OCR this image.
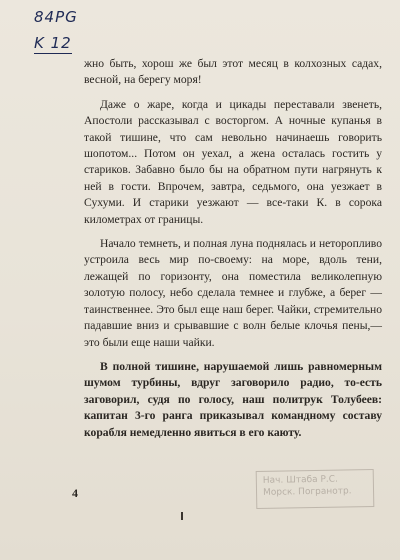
84PG
K 12

жно быть, хорош же был этот месяц в колхозных садах, весной, на берегу моря!

Даже о жаре, когда и цикады переставали звенеть, Апостоли рассказывал с восторгом. А ночные купанья в такой тишине, что сам невольно начинаешь говорить шопотом... Потом он уехал, а жена осталась гостить у стариков. Забавно было бы на обратном пути нагрянуть к ней в гости. Впрочем, завтра, седьмого, она уезжает в Сухуми. И старики уезжают — все-таки К. в сорока километрах от границы.

Начало темнеть, и полная луна поднялась и неторопливо устроила весь мир по-своему: на море, вдоль тени, лежащей по горизонту, она поместила великолепную золотую полосу, небо сделала темнее и глубже, а берег — таинственнее. Это был еще наш берег. Чайки, стремительно падавшие вниз и срывавшие с волн белые клочья пены,— это были еще наши чайки.

В полной тишине, нарушаемой лишь равномерным шумом турбины, вдруг заговорило радио, то-есть заговорил, судя по голосу, наш политрук Толубеев: капитан 3-го ранга приказывал командному составу корабля немедленно явиться в его каюту.

Нач. Штаба Р.С. Морск. Погранотр.
4
